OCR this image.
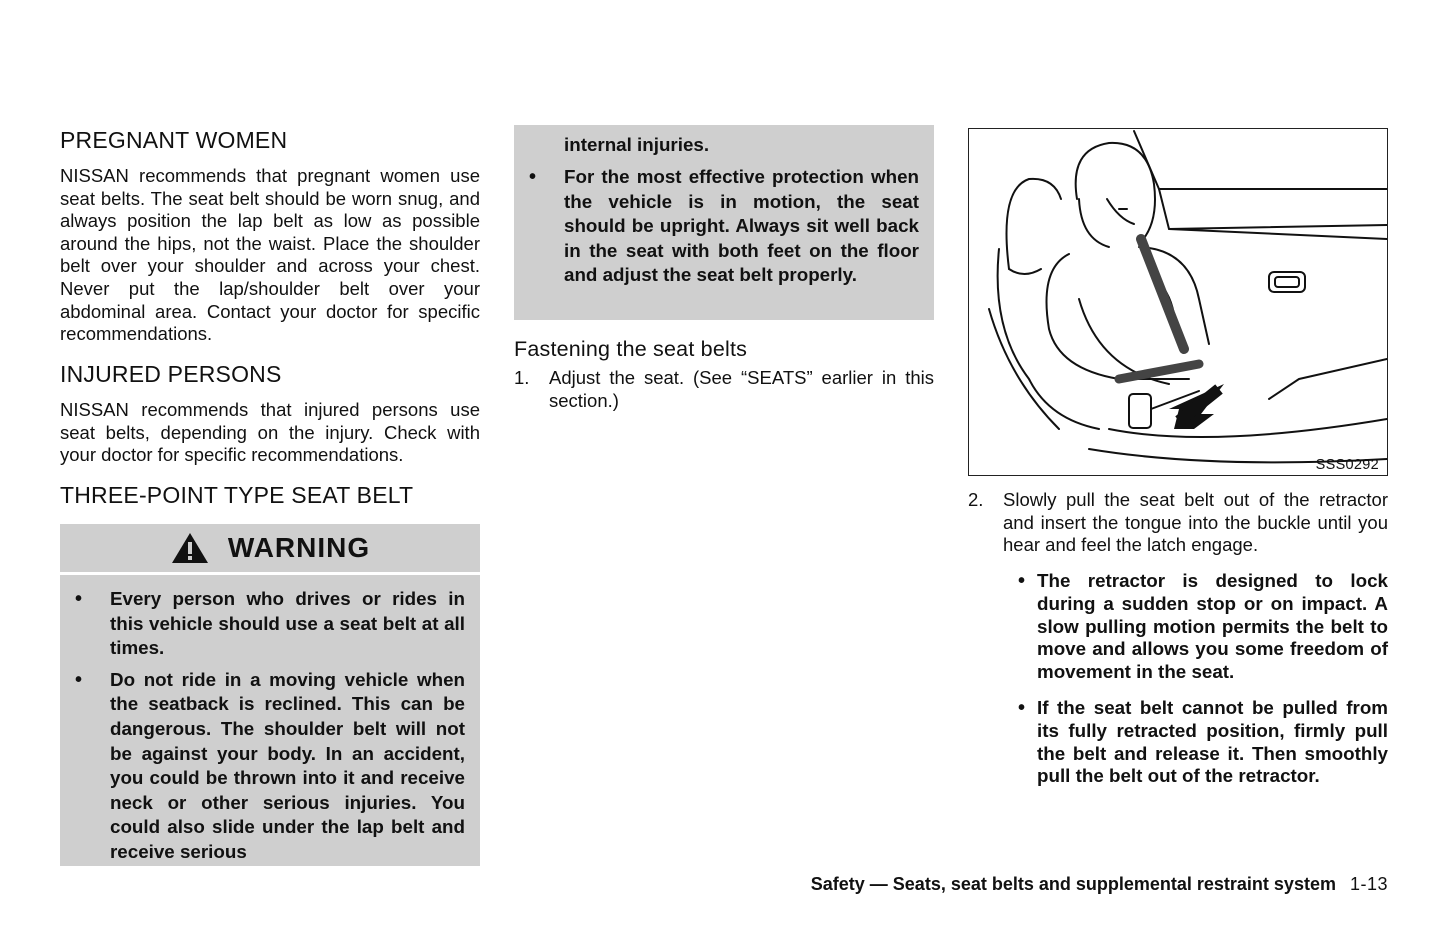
PREGNANT WOMEN

NISSAN recommends that pregnant women use seat belts. The seat belt should be worn snug, and always position the lap belt as low as possible around the hips, not the waist. Place the shoulder belt over your shoulder and across your chest. Never put the lap/shoulder belt over your abdominal area. Contact your doctor for specific recommendations.

INJURED PERSONS

NISSAN recommends that injured persons use seat belts, depending on the injury. Check with your doctor for specific recommendations.

THREE-POINT TYPE SEAT BELT
WARNING
• Every person who drives or rides in this vehicle should use a seat belt at all times.
• Do not ride in a moving vehicle when the seatback is reclined. This can be dangerous. The shoulder belt will not be against your body. In an accident, you could be thrown into it and receive neck or other serious injuries. You could also slide under the lap belt and receive serious
internal injuries.
• For the most effective protection when the vehicle is in motion, the seat should be upright. Always sit well back in the seat with both feet on the floor and adjust the seat belt properly.
Fastening the seat belts
1. Adjust the seat. (See “SEATS” earlier in this section.)
SSS0292
2. Slowly pull the seat belt out of the retractor and insert the tongue into the buckle until you hear and feel the latch engage.
• The retractor is designed to lock during a sudden stop or on impact. A slow pulling motion permits the belt to move and allows you some freedom of movement in the seat.
• If the seat belt cannot be pulled from its fully retracted position, firmly pull the belt and release it. Then smoothly pull the belt out of the retractor.
Safety — Seats, seat belts and supplemental restraint system 1-13
